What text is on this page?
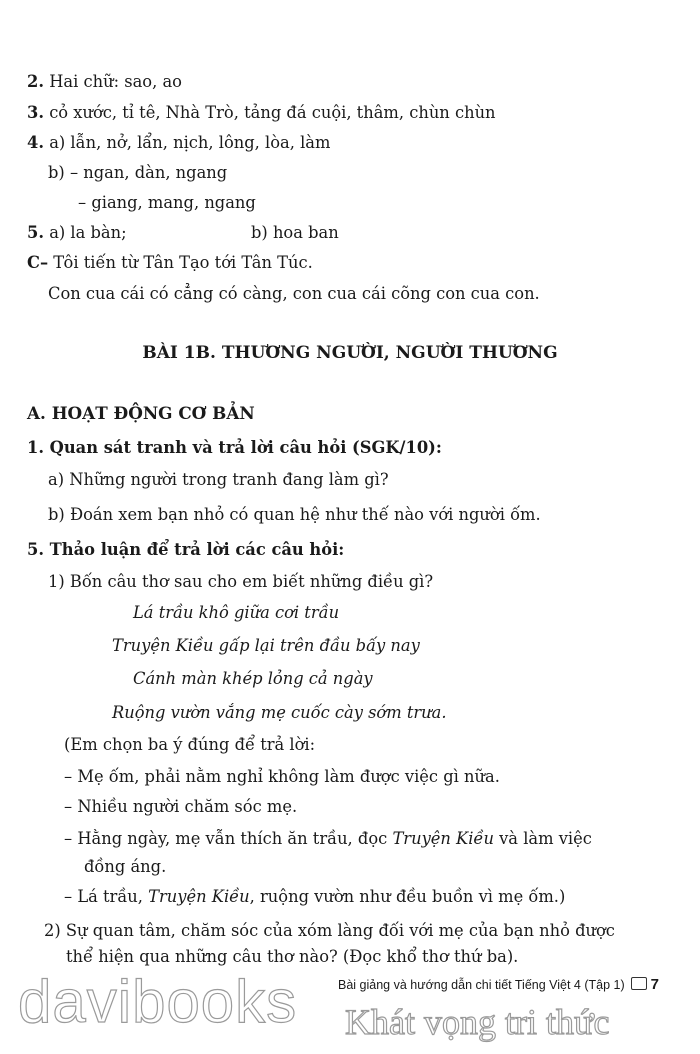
2. Hai chữ: sao, ao
3. cỏ xước, tỉ tê, Nhà Trò, tảng đá cuội, thâm, chùn chùn
4. a) lẫn, nở, lẩn, nịch, lông, lòa, làm
b) – ngan, dàn, ngang
– giang, mang, ngang
5. a) la bàn;	b) hoa ban
C– Tôi tiến từ Tân Tạo tới Tân Túc.
Con cua cái có cẳng có càng, con cua cái cõng con cua con.
BÀI 1B. THƯƠNG NGƯỜI, NGƯỜI THƯƠNG
A. HOẠT ĐỘNG CƠ BẢN
1. Quan sát tranh và trả lời câu hỏi (SGK/10):
a) Những người trong tranh đang làm gì?
b) Đoán xem bạn nhỏ có quan hệ như thế nào với người ốm.
5. Thảo luận để trả lời các câu hỏi:
1) Bốn câu thơ sau cho em biết những điều gì?
Lá trầu khô giữa cơi trầu
Truyện Kiều gấp lại trên đầu bấy nay
Cánh màn khép lỏng cả ngày
Ruộng vườn vắng mẹ cuốc cày sớm trưa.
(Em chọn ba ý đúng để trả lời:
– Mẹ ốm, phải nằm nghỉ không làm được việc gì nữa.
– Nhiều người chăm sóc mẹ.
– Hằng ngày, mẹ vẫn thích ăn trầu, đọc Truyện Kiều và làm việc
đồng áng.
– Lá trầu, Truyện Kiều, ruộng vườn như đều buồn vì mẹ ốm.)
2) Sự quan tâm, chăm sóc của xóm làng đối với mẹ của bạn nhỏ được
thể hiện qua những câu thơ nào? (Đọc khổ thơ thứ ba).
davibooks	Bài giảng và hướng dẫn chi tiết Tiếng Việt 4 (Tập 1) 7
Khát vọng tri thức
